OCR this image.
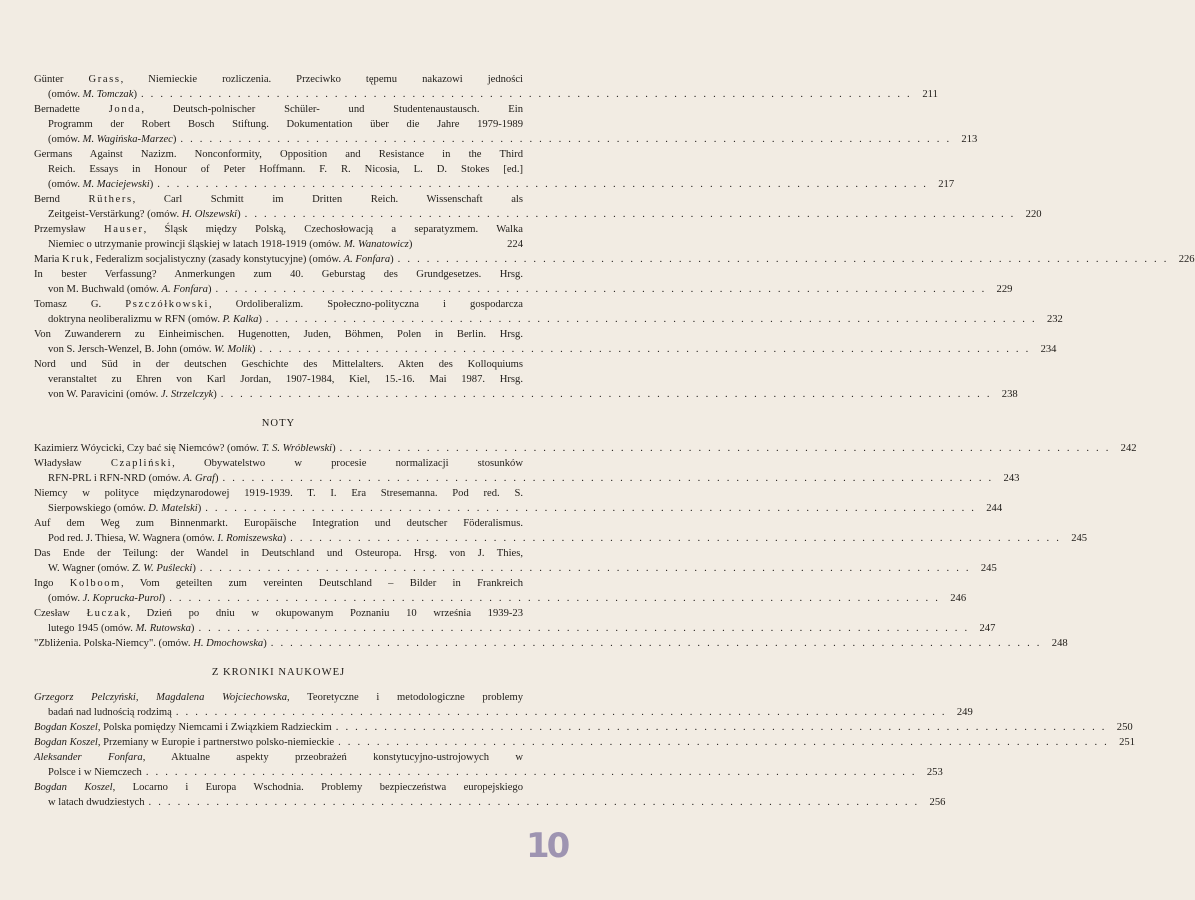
Günter Grass, Niemieckie rozliczenia. Przeciwko tępemu nakazowi jedności
(omów. M. Tomczak) . . . . . . . . . . . . . . . . . . . . . . . . . . . . . . . . . . . . . . . . . . . . . . . . . . . . . . . . . . . . . . . . . . . . . . . . . . . . . . . . 211
Bernadette Jonda, Deutsch-polnischer Schüler- und Studentenaustausch. Ein
Programm der Robert Bosch Stiftung. Dokumentation über die Jahre 1979-1989
(omów. M. Wagińska-Marzec) . . . . . . . . . . . . . . . . . . . . . . . . . . . . . . . . . . . . . . . . . . . . . . . . . . . . . . . . . . . . . . . . . . . . . . . . . . . . . . . . 213
Germans Against Nazizm. Nonconformity, Opposition and Resistance in the Third
Reich. Essays in Honour of Peter Hoffmann. F. R. Nicosia, L. D. Stokes [ed.]
(omów. M. Maciejewski) . . . . . . . . . . . . . . . . . . . . . . . . . . . . . . . . . . . . . . . . . . . . . . . . . . . . . . . . . . . . . . . . . . . . . . . . . . . . . . . . 217
Bernd Rüthers, Carl Schmitt im Dritten Reich. Wissenschaft als
Zeitgeist-Verstärkung? (omów. H. Olszewski) . . . . . . . . . . . . . . . . . . . . . . . . . . . . . . . . . . . . . . . . . . . . . . . . . . . . . . . . . . . . . . . . . . . . . . . . . . . . . . . . 220
Przemysław Hauser, Śląsk między Polską, Czechosłowacją a separatyzmem. Walka
Niemiec o utrzymanie prowincji śląskiej w latach 1918-1919 (omów. M. Wanatowicz)	224
Maria Kruk, Federalizm socjalistyczny (zasady konstytucyjne) (omów. A. Fonfara) . . . . . . . . . . . . . . . . . . . . . . . . . . . . . . . . . . . . . . . . . . . . . . . . . . . . . . . . . . . . . . . . . . . . . . . . . . . . . . . . 226
In bester Verfassung? Anmerkungen zum 40. Geburstag des Grundgesetzes. Hrsg.
von M. Buchwald (omów. A. Fonfara) . . . . . . . . . . . . . . . . . . . . . . . . . . . . . . . . . . . . . . . . . . . . . . . . . . . . . . . . . . . . . . . . . . . . . . . . . . . . . . . . 229
Tomasz G. Pszczółkowski, Ordoliberalizm. Społeczno-polityczna i gospodarcza
doktryna neoliberalizmu w RFN (omów. P. Kalka) . . . . . . . . . . . . . . . . . . . . . . . . . . . . . . . . . . . . . . . . . . . . . . . . . . . . . . . . . . . . . . . . . . . . . . . . . . . . . . . . 232
Von Zuwanderern zu Einheimischen. Hugenotten, Juden, Böhmen, Polen in Berlin. Hrsg.
von S. Jersch-Wenzel, B. John (omów. W. Molik) . . . . . . . . . . . . . . . . . . . . . . . . . . . . . . . . . . . . . . . . . . . . . . . . . . . . . . . . . . . . . . . . . . . . . . . . . . . . . . . . 234
Nord und Süd in der deutschen Geschichte des Mittelalters. Akten des Kolloquiums
veranstaltet zu Ehren von Karl Jordan, 1907-1984, Kiel, 15.-16. Mai 1987. Hrsg.
von W. Paravicini (omów. J. Strzelczyk) . . . . . . . . . . . . . . . . . . . . . . . . . . . . . . . . . . . . . . . . . . . . . . . . . . . . . . . . . . . . . . . . . . . . . . . . . . . . . . . . 238
NOTY
Kazimierz Wóycicki, Czy bać się Niemców? (omów. T. S. Wróblewski) . . . . . . . . . . . . . . . . . . . . . . . . . . . . . . . . . . . . . . . . . . . . . . . . . . . . . . . . . . . . . . . . . . . . . . . . . . . . . . . . 242
Władysław Czapliński, Obywatelstwo w procesie normalizacji stosunków
RFN-PRL i RFN-NRD (omów. A. Graf) . . . . . . . . . . . . . . . . . . . . . . . . . . . . . . . . . . . . . . . . . . . . . . . . . . . . . . . . . . . . . . . . . . . . . . . . . . . . . . . . 243
Niemcy w polityce międzynarodowej 1919-1939. T. I. Era Stresemanna. Pod red. S.
Sierpowskiego (omów. D. Matelski) . . . . . . . . . . . . . . . . . . . . . . . . . . . . . . . . . . . . . . . . . . . . . . . . . . . . . . . . . . . . . . . . . . . . . . . . . . . . . . . . 244
Auf dem Weg zum Binnenmarkt. Europäische Integration und deutscher Föderalismus.
Pod red. J. Thiesa, W. Wagnera (omów. I. Romiszewska) . . . . . . . . . . . . . . . . . . . . . . . . . . . . . . . . . . . . . . . . . . . . . . . . . . . . . . . . . . . . . . . . . . . . . . . . . . . . . . . . 245
Das Ende der Teilung: der Wandel in Deutschland und Osteuropa. Hrsg. von J. Thies,
W. Wagner (omów. Z. W. Puślecki) . . . . . . . . . . . . . . . . . . . . . . . . . . . . . . . . . . . . . . . . . . . . . . . . . . . . . . . . . . . . . . . . . . . . . . . . . . . . . . . . 245
Ingo Kolboom, Vom geteilten zum vereinten Deutschland – Bilder in Frankreich
(omów. J. Koprucka-Purol) . . . . . . . . . . . . . . . . . . . . . . . . . . . . . . . . . . . . . . . . . . . . . . . . . . . . . . . . . . . . . . . . . . . . . . . . . . . . . . . . 246
Czesław Łuczak, Dzień po dniu w okupowanym Poznaniu 10 września 1939-23
lutego 1945 (omów. M. Rutowska) . . . . . . . . . . . . . . . . . . . . . . . . . . . . . . . . . . . . . . . . . . . . . . . . . . . . . . . . . . . . . . . . . . . . . . . . . . . . . . . . 247
"Zbliżenia. Polska-Niemcy". (omów. H. Dmochowska) . . . . . . . . . . . . . . . . . . . . . . . . . . . . . . . . . . . . . . . . . . . . . . . . . . . . . . . . . . . . . . . . . . . . . . . . . . . . . . . . 248
Z KRONIKI NAUKOWEJ
Grzegorz Pelczyński, Magdalena Wojciechowska, Teoretyczne i metodologiczne problemy
badań nad ludnością rodzimą . . . . . . . . . . . . . . . . . . . . . . . . . . . . . . . . . . . . . . . . . . . . . . . . . . . . . . . . . . . . . . . . . . . . . . . . . . . . . . . . 249
Bogdan Koszel, Polska pomiędzy Niemcami i Związkiem Radzieckim . . . . . . . . . . . . . . . . . . . . . . . . . . . . . . . . . . . . . . . . . . . . . . . . . . . . . . . . . . . . . . . . . . . . . . . . . . . . . . . . 250
Bogdan Koszel, Przemiany w Europie i partnerstwo polsko-niemieckie . . . . . . . . . . . . . . . . . . . . . . . . . . . . . . . . . . . . . . . . . . . . . . . . . . . . . . . . . . . . . . . . . . . . . . . . . . . . . . . . 251
Aleksander Fonfara, Aktualne aspekty przeobrażeń konstytucyjno-ustrojowych w
Polsce i w Niemczech . . . . . . . . . . . . . . . . . . . . . . . . . . . . . . . . . . . . . . . . . . . . . . . . . . . . . . . . . . . . . . . . . . . . . . . . . . . . . . . . 253
Bogdan Koszel, Locarno i Europa Wschodnia. Problemy bezpieczeństwa europejskiego
w latach dwudziestych . . . . . . . . . . . . . . . . . . . . . . . . . . . . . . . . . . . . . . . . . . . . . . . . . . . . . . . . . . . . . . . . . . . . . . . . . . . . . . . . 256
10
